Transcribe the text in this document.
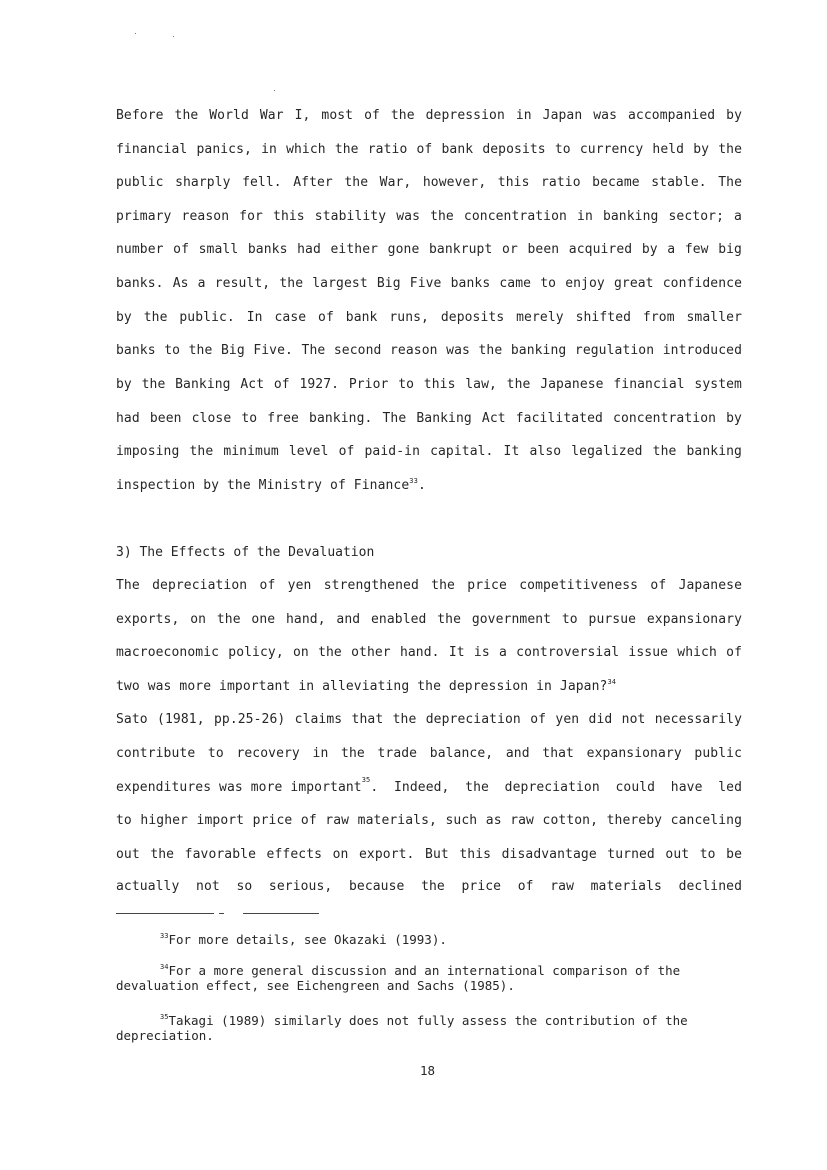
Before the World War I, most of the depression in Japan was accompanied by
financial panics, in which the ratio of bank deposits to currency held by the
public sharply fell. After the War, however, this ratio became stable. The
primary reason for this stability was the concentration in banking sector; a
number of small banks had either gone bankrupt or been acquired by a few big
banks. As a result, the largest Big Five banks came to enjoy great confidence
by the public. In case of bank runs, deposits merely shifted from smaller
banks to the Big Five. The second reason was the banking regulation introduced
by the Banking Act of 1927. Prior to this law, the Japanese financial system
had been close to free banking. The Banking Act facilitated concentration by
imposing the minimum level of paid-in capital. It also legalized the banking
inspection by the Ministry of Finance$^{33}$.
3) The Effects of the Devaluation
The depreciation of yen strengthened the price competitiveness of Japanese
exports, on the one hand, and enabled the government to pursue expansionary
macroeconomic policy, on the other hand. It is a controversial issue which of
two was more important in alleviating the depression in Japan?$^{34}$
Sato (1981, pp.25-26) claims that the depreciation of yen did not necessarily
contribute to recovery in the trade balance, and that expansionary public
expenditures was more important 35 . Indeed, the depreciation could have led
to higher import price of raw materials, such as raw cotton, thereby canceling
out the favorable effects on export. But this disadvantage turned out to be
actually not so serious, because the price of raw materials declined
$^{33}$For more details, see Okazaki (1993).
$^{34}$For a more general discussion and an international comparison of the devaluation effect, see Eichengreen and Sachs (1985).
$^{35}$Takagi (1989) similarly does not fully assess the contribution of the depreciation.
18
